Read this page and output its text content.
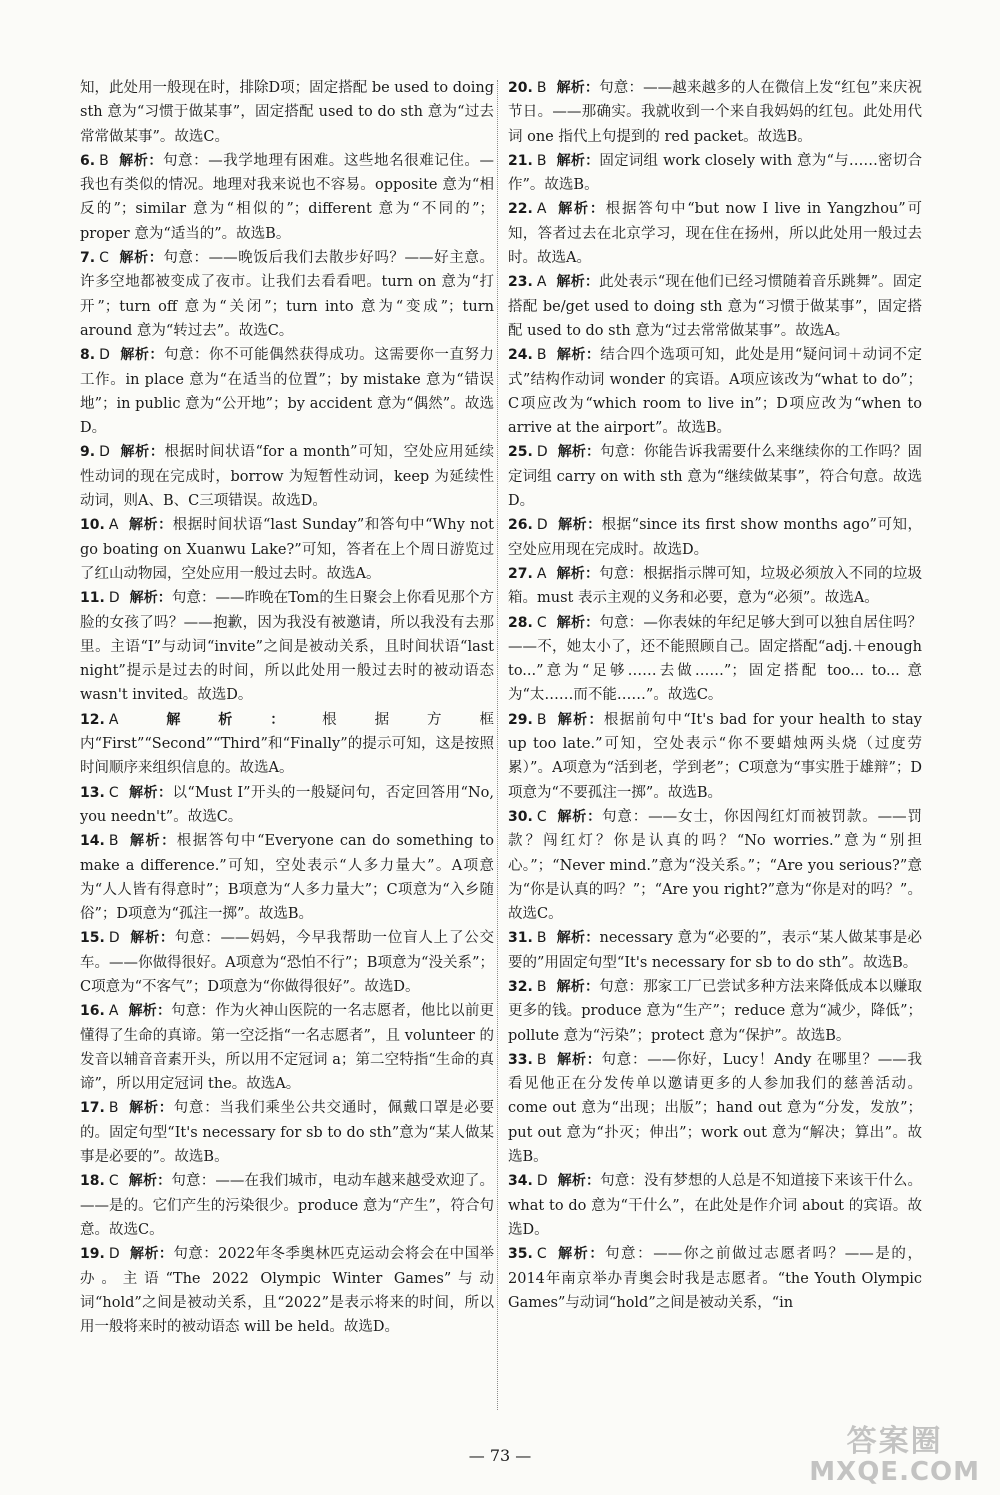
知，此处用一般现在时，排除D项；固定搭配 be used to doing sth 意为“习惯于做某事”，固定搭配 used to do sth 意为“过去常常做某事”。故选C。

6. B 解析：句意：—我学地理有困难。这些地名很难记住。—我也有类似的情况。地理对我来说也不容易。opposite 意为“相反的”；similar 意为“相似的”；different 意为“不同的”；proper 意为“适当的”。故选B。

7. C 解析：句意：——晚饭后我们去散步好吗？——好主意。许多空地都被变成了夜市。让我们去看看吧。turn on 意为“打开”；turn off 意为“关闭”；turn into 意为“变成”；turn around 意为“转过去”。故选C。

8. D 解析：句意：你不可能偶然获得成功。这需要你一直努力工作。in place 意为“在适当的位置”；by mistake 意为“错误地”；in public 意为“公开地”；by accident 意为“偶然”。故选D。

9. D 解析：根据时间状语“for a month”可知，空处应用延续性动词的现在完成时，borrow 为短暂性动词，keep 为延续性动词，则A、B、C三项错误。故选D。

10. A 解析：根据时间状语“last Sunday”和答句中“Why not go boating on Xuanwu Lake?”可知，答者在上个周日游览过了红山动物园，空处应用一般过去时。故选A。

11. D 解析：句意：——昨晚在Tom的生日聚会上你看见那个方脸的女孩了吗？——抱歉，因为我没有被邀请，所以我没有去那里。主语“I”与动词“invite”之间是被动关系，且时间状语“last night”提示是过去的时间，所以此处用一般过去时的被动语态 wasn't invited。故选D。

12. A 解析：根据方框内“First”“Second”“Third”和“Finally”的提示可知，这是按照时间顺序来组织信息的。故选A。

13. C 解析：以“Must I”开头的一般疑问句，否定回答用“No, you needn't”。故选C。

14. B 解析：根据答句中“Everyone can do something to make a difference.”可知，空处表示“人多力量大”。A项意为“人人皆有得意时”；B项意为“人多力量大”；C项意为“入乡随俗”；D项意为“孤注一掷”。故选B。

15. D 解析：句意：——妈妈，今早我帮助一位盲人上了公交车。——你做得很好。A项意为“恐怕不行”；B项意为“没关系”；C项意为“不客气”；D项意为“你做得很好”。故选D。

16. A 解析：句意：作为火神山医院的一名志愿者，他比以前更懂得了生命的真谛。第一空泛指“一名志愿者”，且 volunteer 的发音以辅音音素开头，所以用不定冠词 a；第二空特指“生命的真谛”，所以用定冠词 the。故选A。

17. B 解析：句意：当我们乘坐公共交通时，佩戴口罩是必要的。固定句型“It's necessary for sb to do sth”意为“某人做某事是必要的”。故选B。

18. C 解析：句意：——在我们城市，电动车越来越受欢迎了。——是的。它们产生的污染很少。produce 意为“产生”，符合句意。故选C。

19. D 解析：句意：2022年冬季奥林匹克运动会将会在中国举办。主语“The 2022 Olympic Winter Games”与动词“hold”之间是被动关系，且“2022”是表示将来的时间，所以用一般将来时的被动语态 will be held。故选D。

20. B 解析：句意：——越来越多的人在微信上发“红包”来庆祝节日。——那确实。我就收到一个来自我妈妈的红包。此处用代词 one 指代上句提到的 red packet。故选B。

21. B 解析：固定词组 work closely with 意为“与……密切合作”。故选B。

22. A 解析：根据答句中“but now I live in Yangzhou”可知，答者过去在北京学习，现在住在扬州，所以此处用一般过去时。故选A。

23. A 解析：此处表示“现在他们已经习惯随着音乐跳舞”。固定搭配 be/get used to doing sth 意为“习惯于做某事”，固定搭配 used to do sth 意为“过去常常做某事”。故选A。

24. B 解析：结合四个选项可知，此处是用“疑问词＋动词不定式”结构作动词 wonder 的宾语。A项应该改为“what to do”；C项应改为“which room to live in”；D项应改为“when to arrive at the airport”。故选B。

25. D 解析：句意：你能告诉我需要什么来继续你的工作吗？固定词组 carry on with sth 意为“继续做某事”，符合句意。故选D。

26. D 解析：根据“since its first show months ago”可知，空处应用现在完成时。故选D。

27. A 解析：句意：根据指示牌可知，垃圾必须放入不同的垃圾箱。must 表示主观的义务和必要，意为“必须”。故选A。

28. C 解析：句意：—你表妹的年纪足够大到可以独自居住吗？——不，她太小了，还不能照顾自己。固定搭配“adj.＋enough to...”意为“足够……去做……”；固定搭配 too... to... 意为“太……而不能……”。故选C。

29. B 解析：根据前句中“It's bad for your health to stay up too late.”可知，空处表示“你不要蜡烛两头烧（过度劳累）”。A项意为“活到老，学到老”；C项意为“事实胜于雄辩”；D项意为“不要孤注一掷”。故选B。

30. C 解析：句意：——女士，你因闯红灯而被罚款。——罚款？闯红灯？你是认真的吗？“No worries.”意为“别担心。”；“Never mind.”意为“没关系。”；“Are you serious?”意为“你是认真的吗？”；“Are you right?”意为“你是对的吗？”。故选C。

31. B 解析：necessary 意为“必要的”，表示“某人做某事是必要的”用固定句型“It's necessary for sb to do sth”。故选B。

32. B 解析：句意：那家工厂已尝试多种方法来降低成本以赚取更多的钱。produce 意为“生产”；reduce 意为“减少，降低”；pollute 意为“污染”；protect 意为“保护”。故选B。

33. B 解析：句意：——你好，Lucy！Andy 在哪里？——我看见他正在分发传单以邀请更多的人参加我们的慈善活动。come out 意为“出现；出版”；hand out 意为“分发，发放”；put out 意为“扑灭；伸出”；work out 意为“解决；算出”。故选B。

34. D 解析：句意：没有梦想的人总是不知道接下来该干什么。what to do 意为“干什么”，在此处是作介词 about 的宾语。故选D。

35. C 解析：句意：——你之前做过志愿者吗？——是的，2014年南京举办青奥会时我是志愿者。“the Youth Olympic Games”与动词“hold”之间是被动关系，“in

— 73 —	答案圈
MXQE.COM
